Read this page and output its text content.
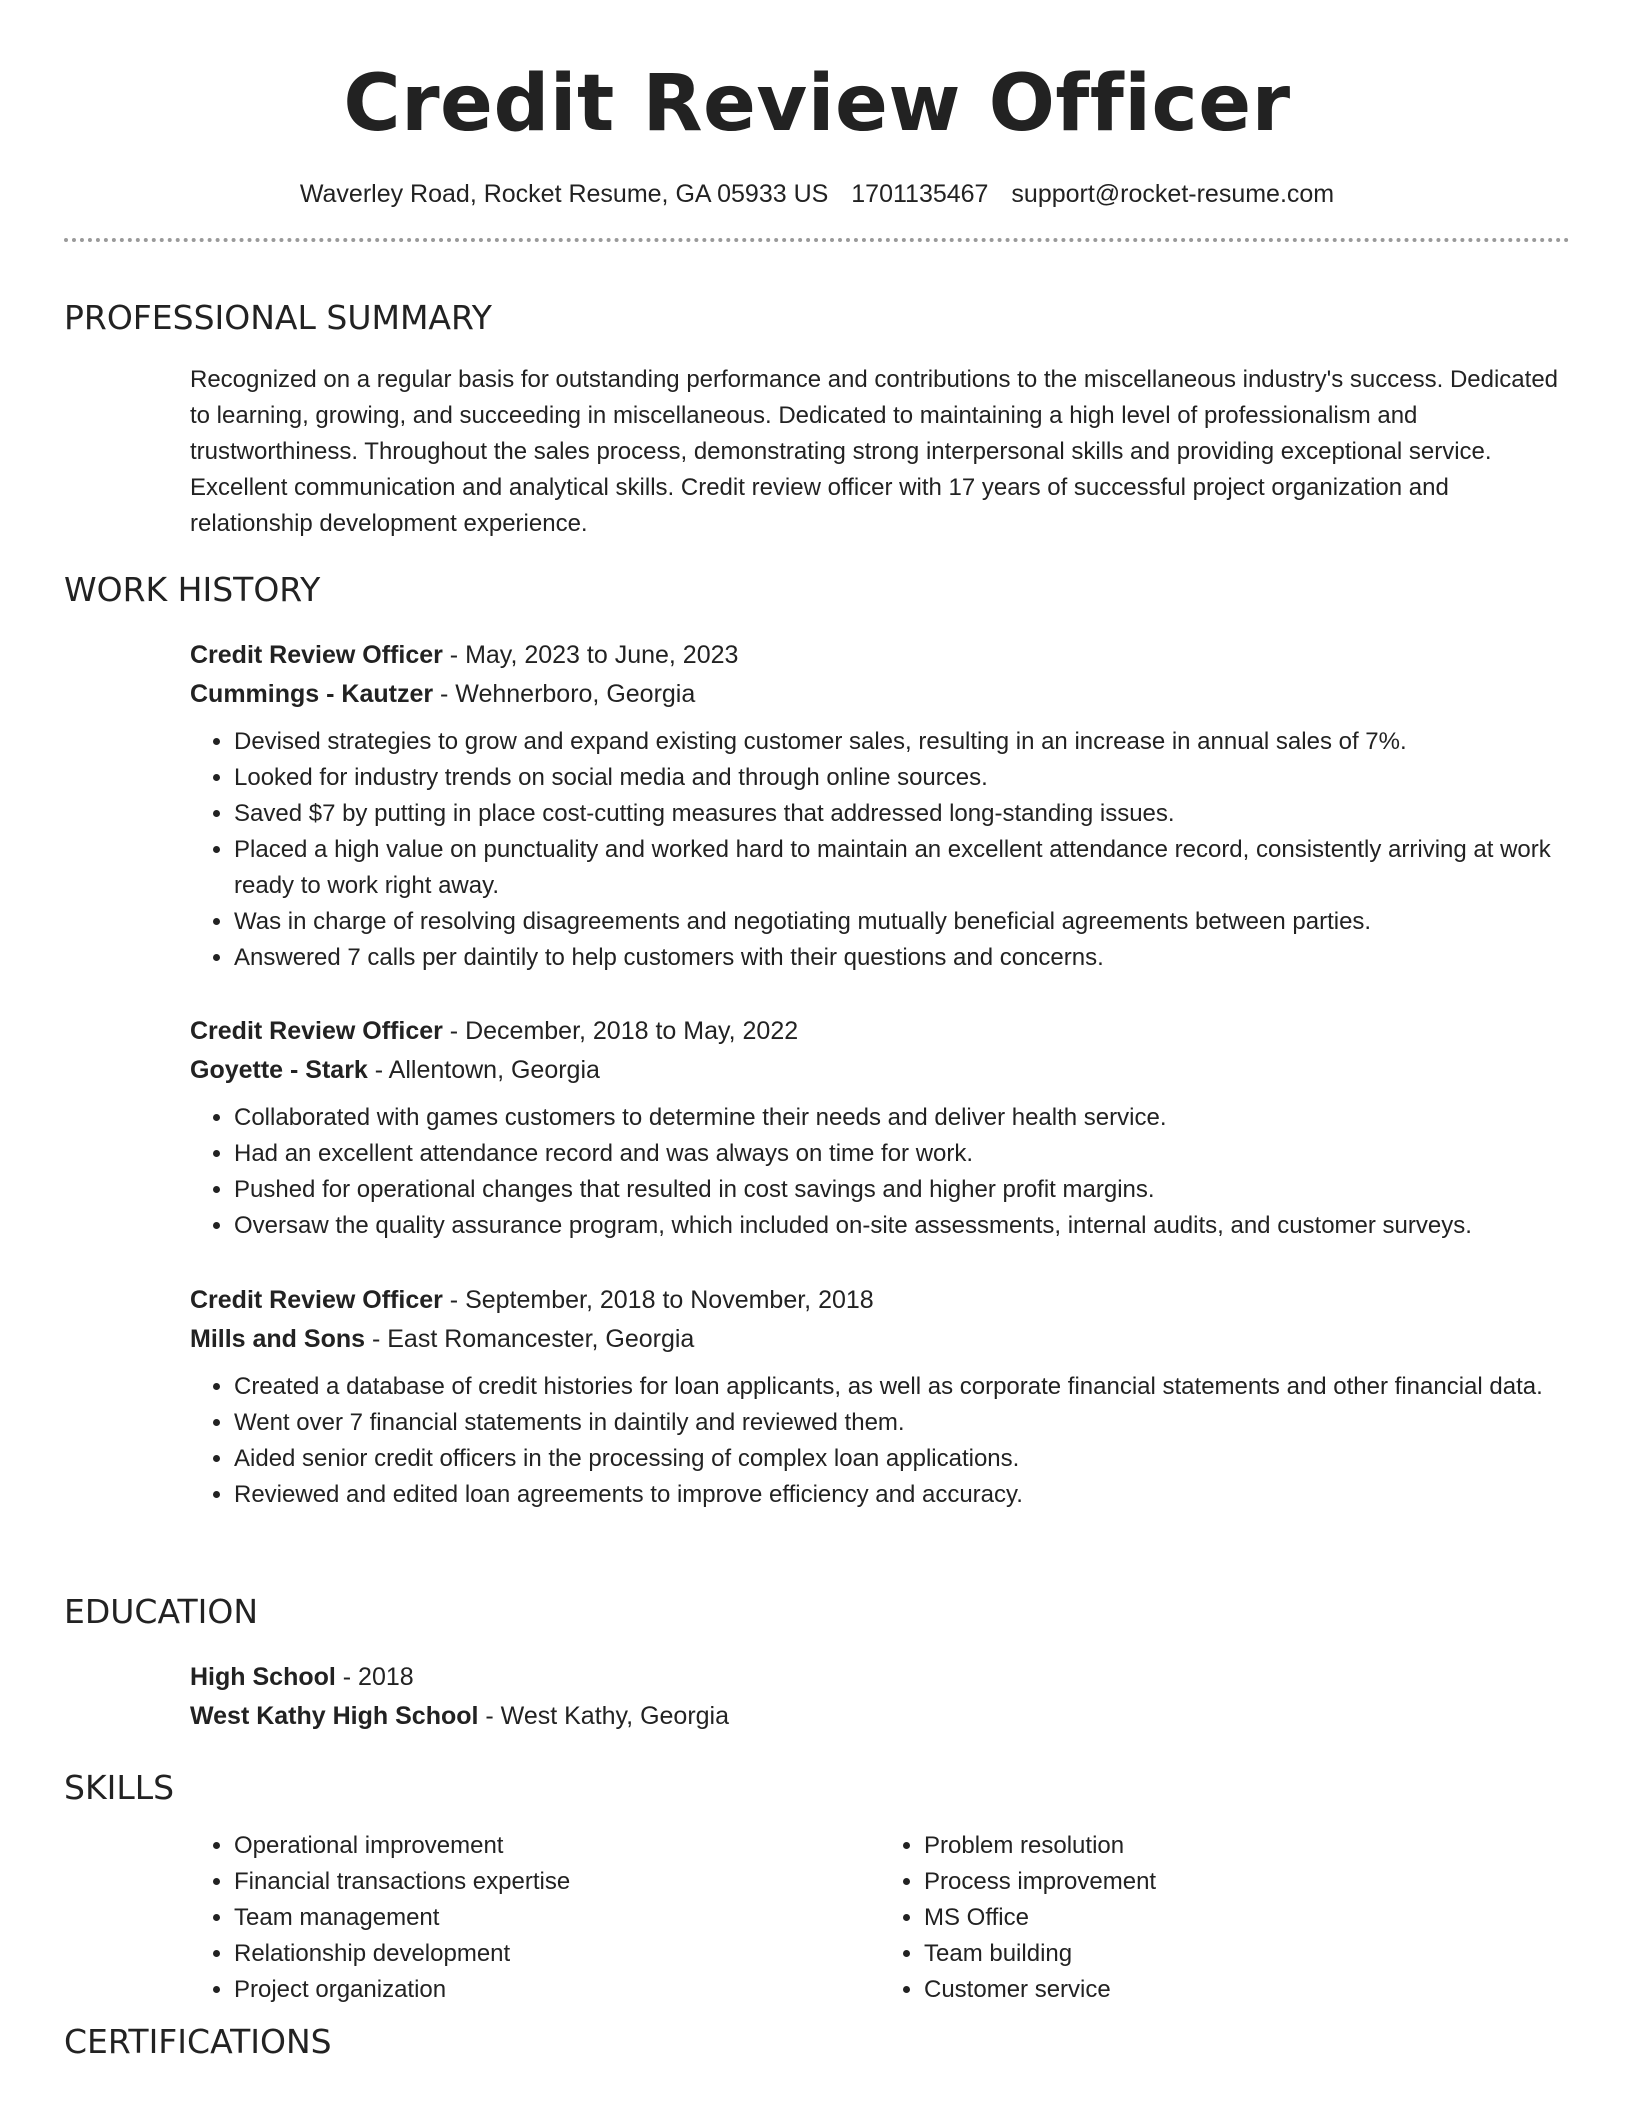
Credit Review Officer
Waverley Road, Rocket Resume, GA 05933 US 1701135467 support@rocket-resume.com
PROFESSIONAL SUMMARY

Recognized on a regular basis for outstanding performance and contributions to the miscellaneous industry's success. Dedicated to learning, growing, and succeeding in miscellaneous. Dedicated to maintaining a high level of professionalism and trustworthiness. Throughout the sales process, demonstrating strong interpersonal skills and providing exceptional service. Excellent communication and analytical skills. Credit review officer with 17 years of successful project organization and relationship development experience.

WORK HISTORY

Credit Review Officer - May, 2023 to June, 2023

Cummings - Kautzer - Wehnerboro, Georgia

• Devised strategies to grow and expand existing customer sales, resulting in an increase in annual sales of 7%.
• Looked for industry trends on social media and through online sources.
• Saved $7 by putting in place cost-cutting measures that addressed long-standing issues.
• Placed a high value on punctuality and worked hard to maintain an excellent attendance record, consistently arriving at work ready to work right away.
• Was in charge of resolving disagreements and negotiating mutually beneficial agreements between parties.
• Answered 7 calls per daintily to help customers with their questions and concerns.

Credit Review Officer - December, 2018 to May, 2022

Goyette - Stark - Allentown, Georgia

• Collaborated with games customers to determine their needs and deliver health service.
• Had an excellent attendance record and was always on time for work.
• Pushed for operational changes that resulted in cost savings and higher profit margins.
• Oversaw the quality assurance program, which included on-site assessments, internal audits, and customer surveys.

Credit Review Officer - September, 2018 to November, 2018

Mills and Sons - East Romancester, Georgia

• Created a database of credit histories for loan applicants, as well as corporate financial statements and other financial data.
• Went over 7 financial statements in daintily and reviewed them.
• Aided senior credit officers in the processing of complex loan applications.
• Reviewed and edited loan agreements to improve efficiency and accuracy.
EDUCATION

High School - 2018

West Kathy High School - West Kathy, Georgia

SKILLS
• Operational improvement
• Financial transactions expertise
• Team management
• Relationship development
• Project organization
• Problem resolution
• Process improvement
• MS Office
• Team building
• Customer service
CERTIFICATIONS
